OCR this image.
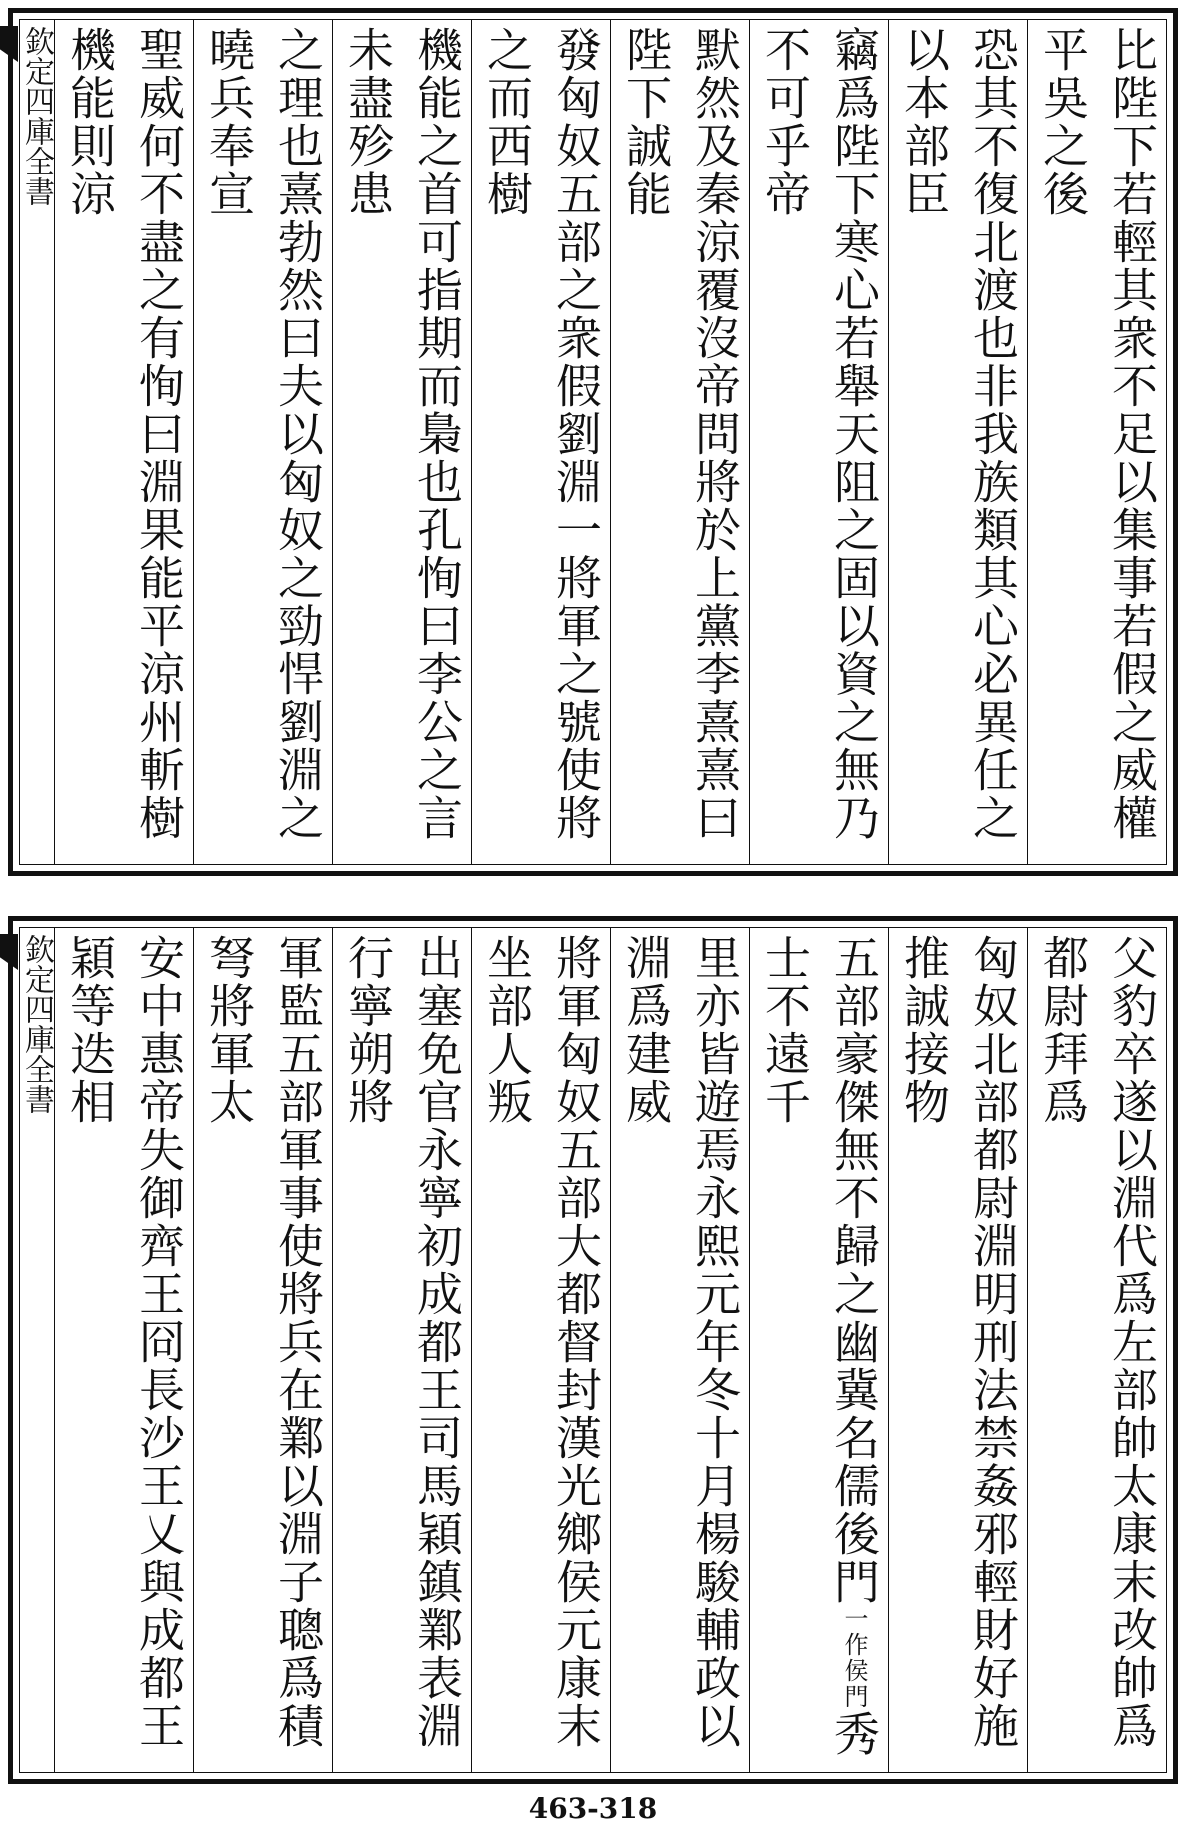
比陛下若輕其衆不足以集事若假之威權平吳之後
恐其不復北渡也非我族類其心必異任之以本部臣
竊爲陛下寒心若舉天阻之固以資之無乃不可乎帝
默然及秦涼覆沒帝問將於上黨李熹熹曰陛下誠能
發匈奴五部之衆假劉淵一將軍之號使將之而西樹
機能之首可指期而梟也孔恂曰李公之言未盡殄患
之理也熹勃然曰夫以匈奴之勁悍劉淵之曉兵奉宣
聖威何不盡之有恂曰淵果能平涼州斬樹機能則涼
欽定四庫全書
父豹卒遂以淵代爲左部帥太康末改帥爲都尉拜爲
匈奴北部都尉淵明刑法禁姦邪輕財好施推誠接物
五部豪傑無不歸之幽冀名儒後門一作侯門秀士不遠千
里亦皆遊焉永熙元年冬十月楊駿輔政以淵爲建威
將軍匈奴五部大都督封漢光鄉侯元康末坐部人叛
出塞免官永寧初成都王司馬穎鎮鄴表淵行寧朔將
軍監五部軍事使將兵在鄴以淵子聰爲積弩將軍太
安中惠帝失御齊王冏長沙王乂與成都王穎等迭相
欽定四庫全書
463-318
